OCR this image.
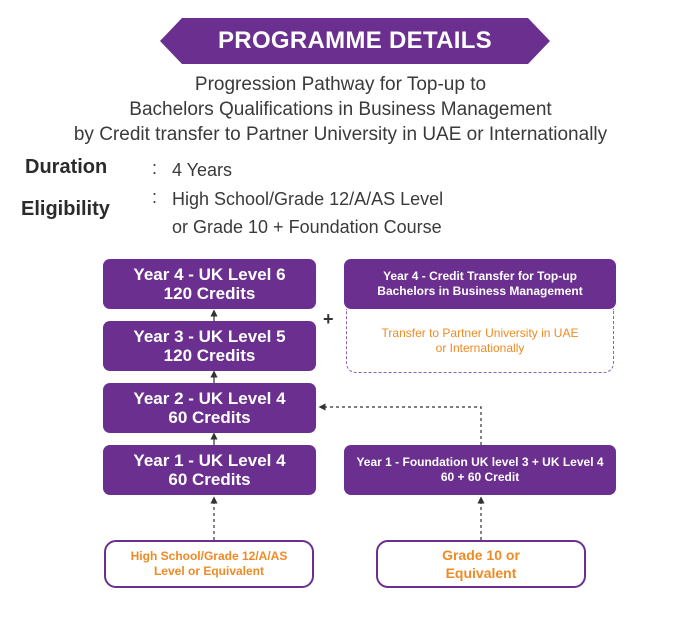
PROGRAMME DETAILS
Progression Pathway for Top-up to
Bachelors Qualifications in Business Management
by Credit transfer to Partner University in UAE or Internationally
Duration : 4 Years
Eligibility
: High School/Grade 12/A/AS Level
or Grade 10 + Foundation Course
Year 4 - UK Level 6
120 Credits
Year 3 - UK Level 5
120 Credits
Year 2 - UK Level 4
60 Credits
Year 1 - UK Level 4
60 Credits
+
Year 4 - Credit Transfer for Top-up
Bachelors in Business Management
Transfer to Partner University in UAE
or Internationally
Year 1 - Foundation UK level 3 + UK Level 4
60 + 60 Credit
High School/Grade 12/A/AS
Level or Equivalent
Grade 10 or
Equivalent
